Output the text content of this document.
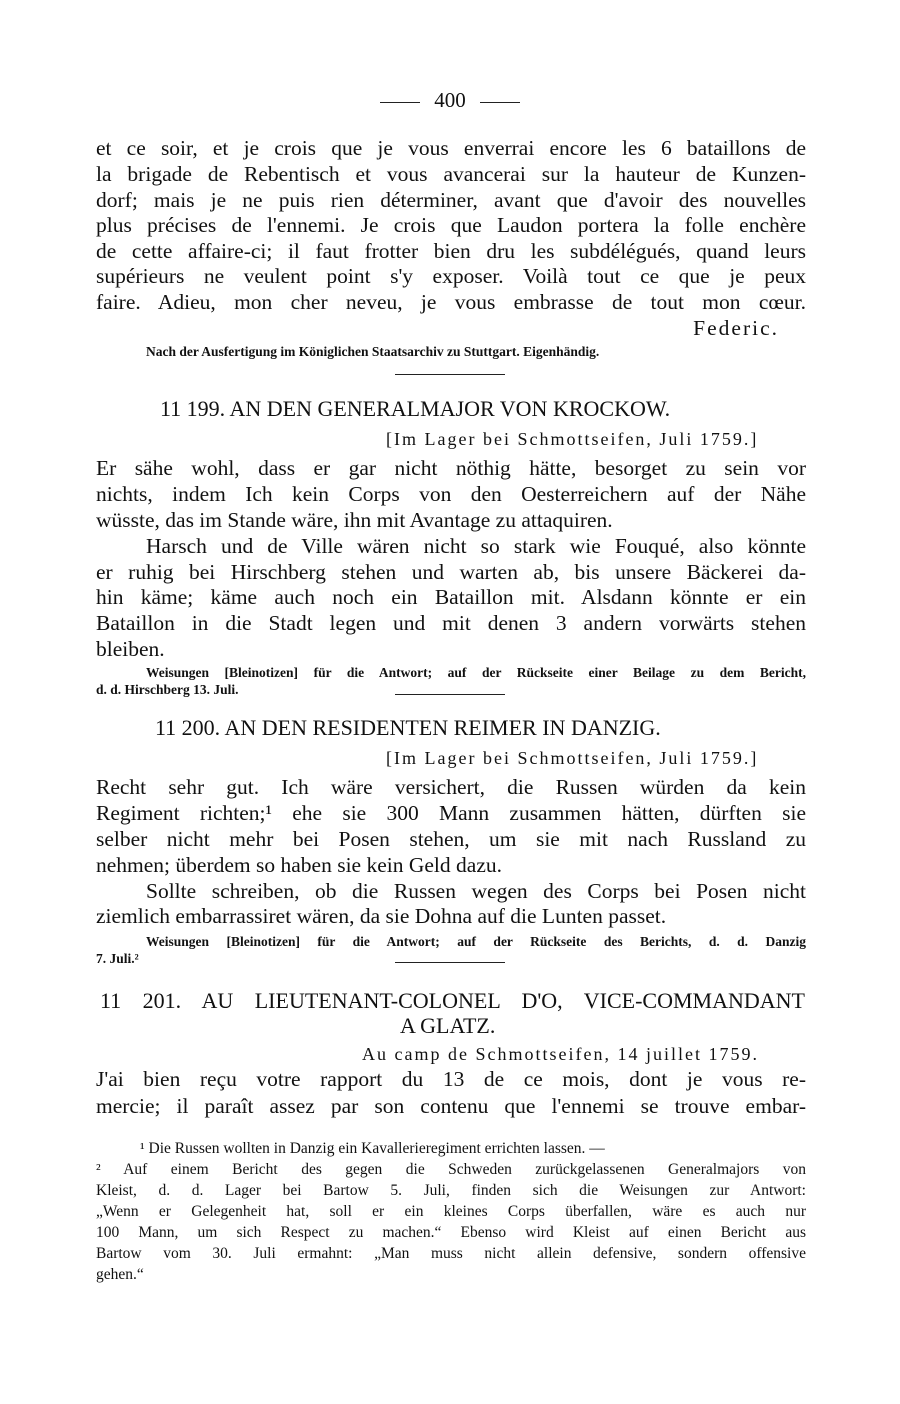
400
et ce soir, et je crois que je vous enverrai encore les 6 bataillons de
la brigade de Rebentisch et vous avancerai sur la hauteur de Kunzen-
dorf; mais je ne puis rien déterminer, avant que d'avoir des nouvelles
plus précises de l'ennemi. Je crois que Laudon portera la folle enchère
de cette affaire-ci; il faut frotter bien dru les subdélégués, quand leurs
supérieurs ne veulent point s'y exposer. Voilà tout ce que je peux
faire. Adieu, mon cher neveu, je vous embrasse de tout mon cœur.
Federic.
Nach der Ausfertigung im Königlichen Staatsarchiv zu Stuttgart. Eigenhändig.
11 199. AN DEN GENERALMAJOR VON KROCKOW.
[Im Lager bei Schmottseifen, Juli 1759.]
Er sähe wohl, dass er gar nicht nöthig hätte, besorget zu sein vor
nichts, indem Ich kein Corps von den Oesterreichern auf der Nähe
wüsste, das im Stande wäre, ihn mit Avantage zu attaquiren.
Harsch und de Ville wären nicht so stark wie Fouqué, also könnte
er ruhig bei Hirschberg stehen und warten ab, bis unsere Bäckerei da-
hin käme; käme auch noch ein Bataillon mit. Alsdann könnte er ein
Bataillon in die Stadt legen und mit denen 3 andern vorwärts stehen
bleiben.
Weisungen [Bleinotizen] für die Antwort; auf der Rückseite einer Beilage zu dem Bericht,
d. d. Hirschberg 13. Juli.
11 200. AN DEN RESIDENTEN REIMER IN DANZIG.
[Im Lager bei Schmottseifen, Juli 1759.]
Recht sehr gut. Ich wäre versichert, die Russen würden da kein
Regiment richten;¹ ehe sie 300 Mann zusammen hätten, dürften sie
selber nicht mehr bei Posen stehen, um sie mit nach Russland zu
nehmen; überdem so haben sie kein Geld dazu.
Sollte schreiben, ob die Russen wegen des Corps bei Posen nicht
ziemlich embarrassiret wären, da sie Dohna auf die Lunten passet.
Weisungen [Bleinotizen] für die Antwort; auf der Rückseite des Berichts, d. d. Danzig
7. Juli.²
11 201. AU LIEUTENANT-COLONEL D'O, VICE-COMMANDANT
A GLATZ.
Au camp de Schmottseifen, 14 juillet 1759.
J'ai bien reçu votre rapport du 13 de ce mois, dont je vous re-
mercie; il paraît assez par son contenu que l'ennemi se trouve embar-
¹ Die Russen wollten in Danzig ein Kavallerieregiment errichten lassen. —
² Auf einem Bericht des gegen die Schweden zurückgelassenen Generalmajors von
Kleist, d. d. Lager bei Bartow 5. Juli, finden sich die Weisungen zur Antwort:
„Wenn er Gelegenheit hat, soll er ein kleines Corps überfallen, wäre es auch nur
100 Mann, um sich Respect zu machen.“ Ebenso wird Kleist auf einen Bericht aus
Bartow vom 30. Juli ermahnt: „Man muss nicht allein defensive, sondern offensive
gehen.“
